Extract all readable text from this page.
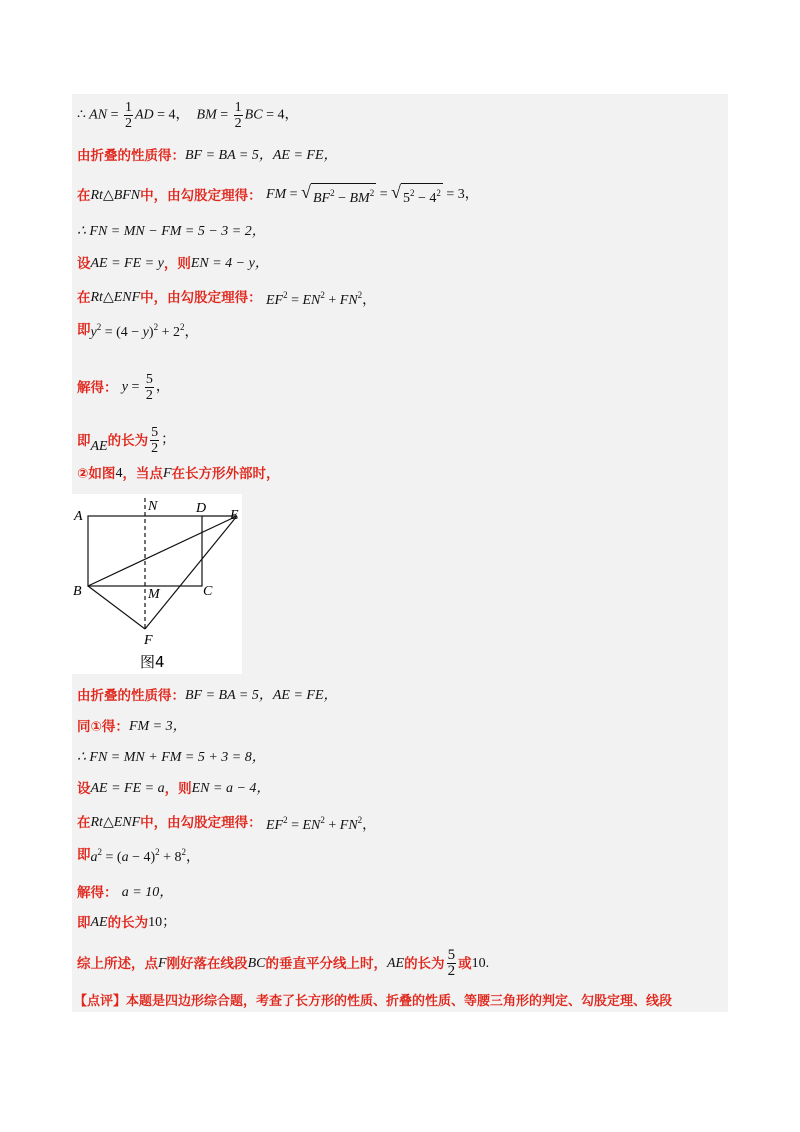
∴ AN = $\frac{1}{2}$ AD = 4，  BM = $\frac{1}{2}$ BC = 4，
由折叠的性质得： BF = BA = 5，AE = FE，
在 Rt△BFN 中，由勾股定理得：
FM = √ $BF^2 - BM^2$ = √ $5^2 - 4^2 = 3$，
∴ FN = MN − FM = 5 − 3 = 2，
设 AE = FE = y ，则 EN = 4 − y，
在 Rt△ENF 中，由勾股定理得：
$EF^2 = EN^2 + FN^2$，
即 $y^2 = (4 - y)^2 + 2^2$，
解得：
$y = \frac{5}{2}$ ，
即 AE 的长为 $\frac{5}{2}$ ；
②如图 4 ，当点 F 在长方形外部时，
A
N	D E
B	M	C
F
图4
由折叠的性质得： BF = BA = 5，AE = FE，
同①得： FM = 3，
∴ FN = MN + FM = 5 + 3 = 8，
设 AE = FE = a ，则 EN = a − 4，
在 Rt△ENF 中，由勾股定理得：
$EF^2 = EN^2 + FN^2$，
即 $a^2 = (a - 4)^2 + 8^2$，
解得：
a = 10，
即 AE 的长为 10；
综上所述，点 F 刚好落在线段 BC 的垂直平分线上时， AE 的长为 $\frac{5}{2}$ 或 10 .
【点评】本题是四边形综合题，考查了长方形的性质、折叠的性质、等腰三角形的判定、勾股定理、线段
